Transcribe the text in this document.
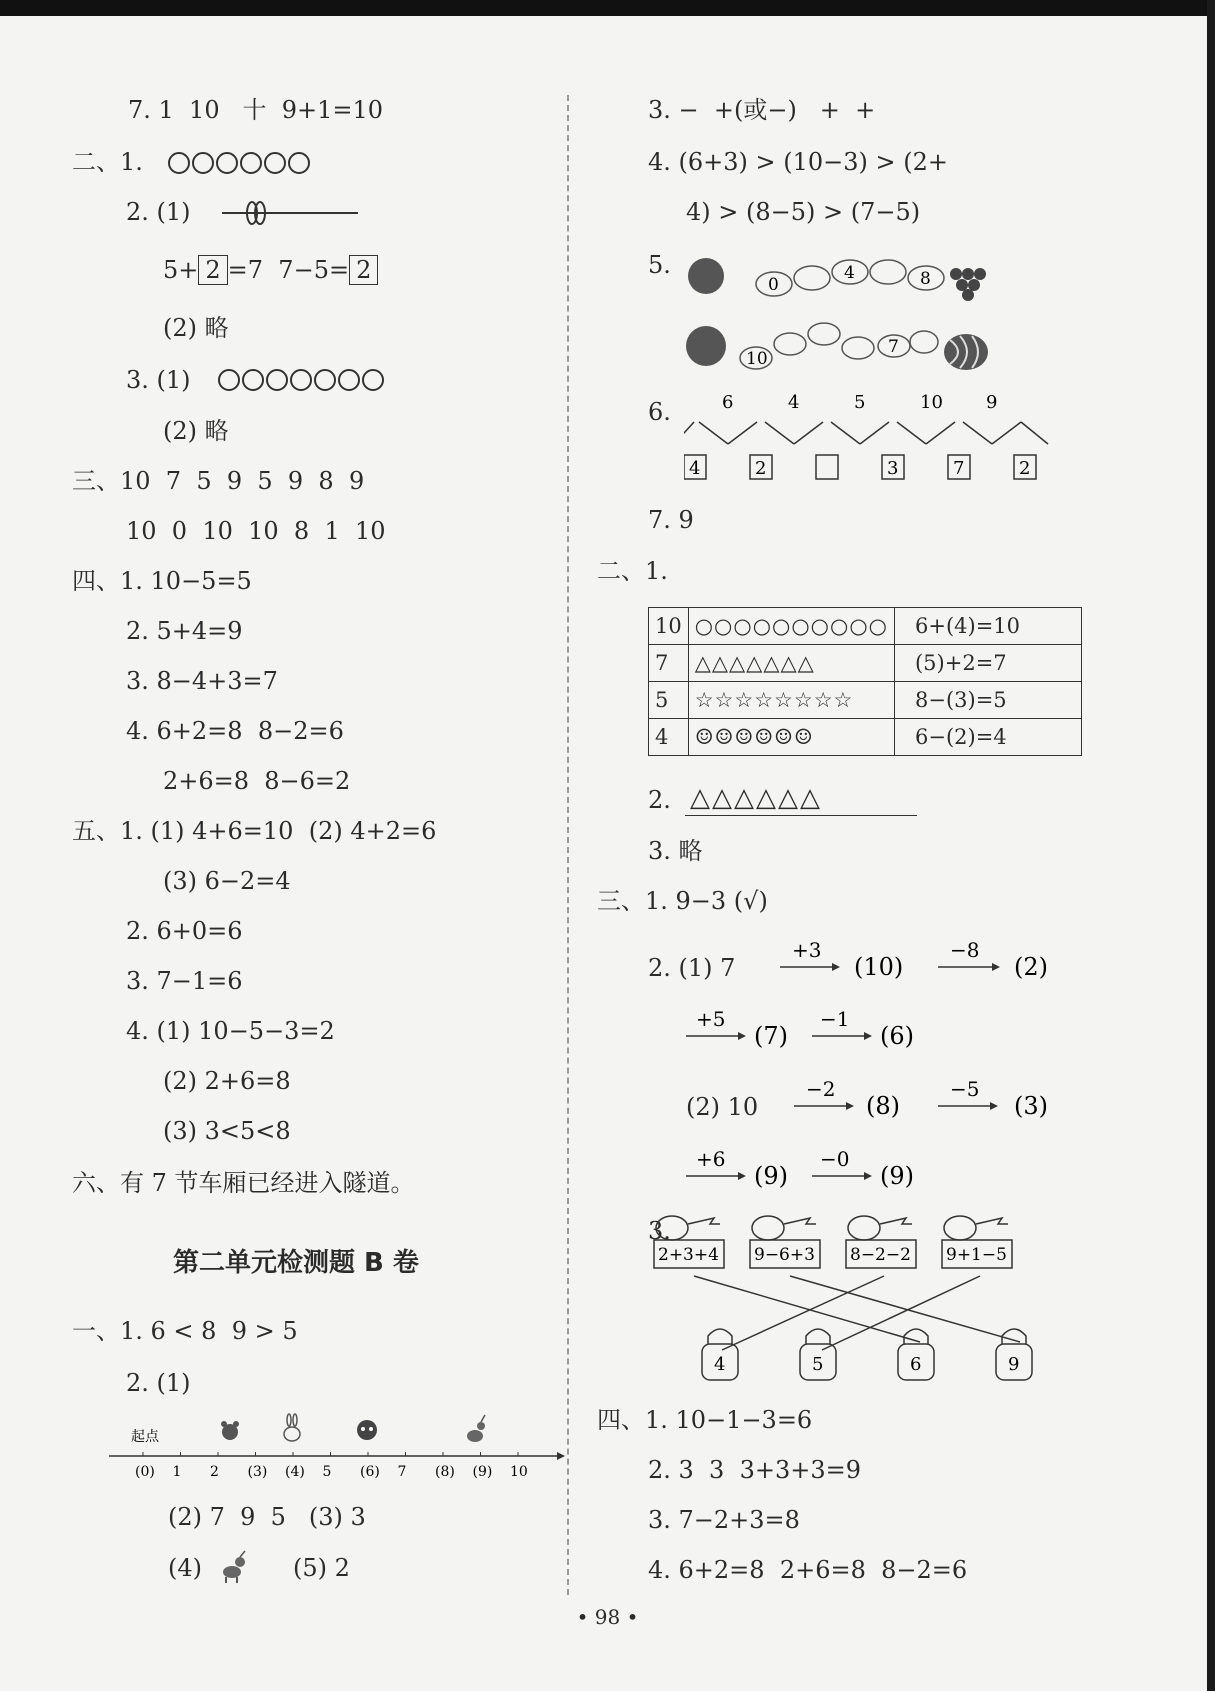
7. 1  10   十  9+1=10
二、1.
2. (1)
5+ 2 =7  7−5= 2
(2) 略
3. (1)
(2) 略
三、10  7  5  9  5  9  8  9
10  0  10  10  8  1  10
四、1. 10−5=5
2. 5+4=9
3. 8−4+3=7
4. 6+2=8  8−2=6
2+6=8  8−6=2
五、1. (1) 4+6=10  (2) 4+2=6
(3) 6−2=4
2. 6+0=6
3. 7−1=6
4. (1) 10−5−3=2
(2) 2+6=8
(3) 3<5<8
六、有 7 节车厢已经进入隧道。
第二单元检测题 B 卷
一、1. 6 < 8  9 > 5
2. (1)
起点
(0) 1 2 (3) (4) 5 (6) 7 (8) (9) 10
(2) 7  9  5   (3) 3
(4)	(5) 2
3. −  +(或−)   +  +
4. (6+3) > (10−3) > (2+
4) > (8−5) > (7−5)
5.
0
4	8
10
7
6.
4	2	3	7	2
6	4	5	10 9
7. 9
二、1.
10	○○○○○○○○○○	6+(4)=10
7	△△△△△△△	(5)+2=7
5	☆☆☆☆☆☆☆☆	8−(3)=5
4	☺☺☺☺☺☺	6−(2)=4
2. △△△△△△
3. 略
三、1. 9−3 (√)
2. (1) 7
+3
(10)
−8
(2)
+5
(7)
−1
(6)
(2) 10
−2
(8)
−5
(3)
+6
(9)
−0
(9)
3.
2+3+4 9−6+3 8−2−2 9+1−5
4	5	6	9
四、1. 10−1−3=6
2. 3  3  3+3+3=9
3. 7−2+3=8
4. 6+2=8  2+6=8  8−2=6
• 98 •
